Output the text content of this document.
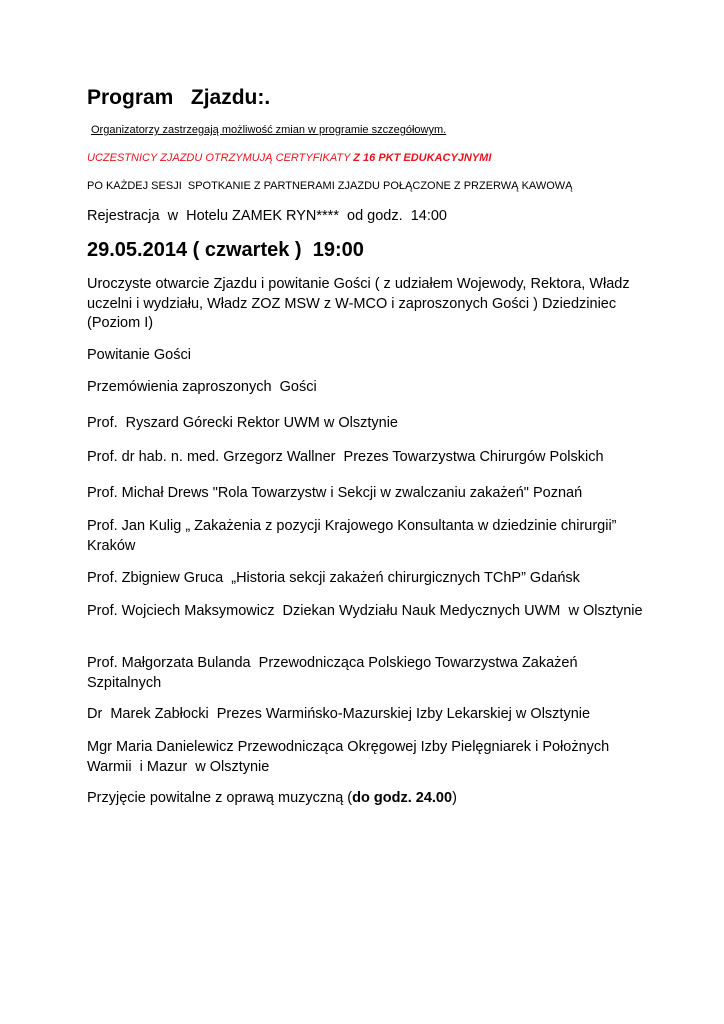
Program   Zjazdu:.
Organizatorzy zastrzegają możliwość zmian w programie szczegółowym.
UCZESTNICY ZJAZDU OTRZYMUJĄ CERTYFIKATY Z 16 PKT EDUKACYJNYMI
PO KAŻDEJ SESJI  SPOTKANIE Z PARTNERAMI ZJAZDU POŁĄCZONE Z PRZERWĄ KAWOWĄ
Rejestracja  w  Hotelu ZAMEK RYN****  od godz.  14:00
29.05.2014 ( czwartek )  19:00
Uroczyste otwarcie Zjazdu i powitanie Gości ( z udziałem Wojewody, Rektora, Władz uczelni i wydziału, Władz ZOZ MSW z W-MCO i zaproszonych Gości ) Dziedziniec (Poziom I)
Powitanie Gości
Przemówienia zaproszonych  Gości
Prof.  Ryszard Górecki Rektor UWM w Olsztynie
Prof. dr hab. n. med. Grzegorz Wallner  Prezes Towarzystwa Chirurgów Polskich
Prof. Michał Drews "Rola Towarzystw i Sekcji w zwalczaniu zakażeń" Poznań
Prof. Jan Kulig „ Zakażenia z pozycji Krajowego Konsultanta w dziedzinie chirurgii” Kraków
Prof. Zbigniew Gruca  „Historia sekcji zakażeń chirurgicznych TChP” Gdańsk
Prof. Wojciech Maksymowicz  Dziekan Wydziału Nauk Medycznych UWM  w Olsztynie
Prof. Małgorzata Bulanda  Przewodnicząca Polskiego Towarzystwa Zakażeń Szpitalnych
Dr  Marek Zabłocki  Prezes Warmińsko-Mazurskiej Izby Lekarskiej w Olsztynie
Mgr Maria Danielewicz Przewodnicząca Okręgowej Izby Pielęgniarek i Położnych Warmii  i Mazur  w Olsztynie
Przyjęcie powitalne z oprawą muzyczną (do godz. 24.00)
